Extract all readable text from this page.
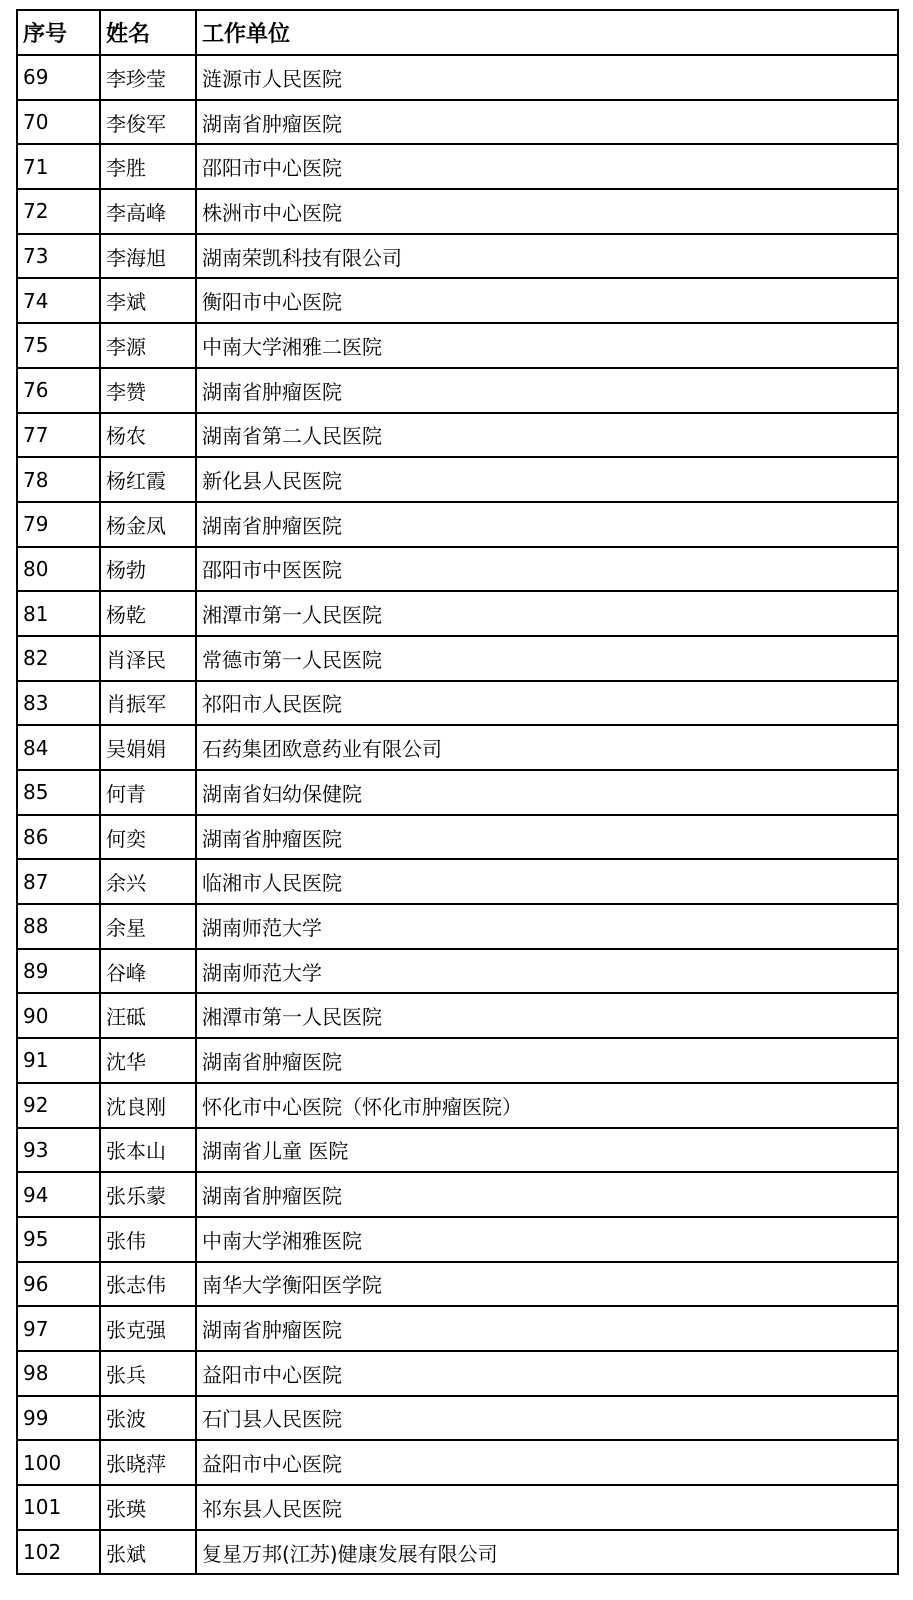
序号	姓名	工作单位
69	李珍莹	涟源市人民医院
70	李俊军	湖南省肿瘤医院
71	李胜	邵阳市中心医院
72	李高峰	株洲市中心医院
73	李海旭	湖南荣凯科技有限公司
74	李斌	衡阳市中心医院
75	李源	中南大学湘雅二医院
76	李赞	湖南省肿瘤医院
77	杨农	湖南省第二人民医院
78	杨红霞	新化县人民医院
79	杨金凤	湖南省肿瘤医院
80	杨勃	邵阳市中医医院
81	杨乾	湘潭市第一人民医院
82	肖泽民	常德市第一人民医院
83	肖振军	祁阳市人民医院
84	吴娟娟	石药集团欧意药业有限公司
85	何青	湖南省妇幼保健院
86	何奕	湖南省肿瘤医院
87	余兴	临湘市人民医院
88	余星	湖南师范大学
89	谷峰	湖南师范大学
90	汪砥	湘潭市第一人民医院
91	沈华	湖南省肿瘤医院
92	沈良刚	怀化市中心医院（怀化市肿瘤医院）
93	张本山	湖南省儿童 医院
94	张乐蒙	湖南省肿瘤医院
95	张伟	中南大学湘雅医院
96	张志伟	南华大学衡阳医学院
97	张克强	湖南省肿瘤医院
98	张兵	益阳市中心医院
99	张波	石门县人民医院
100	张晓萍	益阳市中心医院
101	张瑛	祁东县人民医院
102	张斌	复星万邦(江苏)健康发展有限公司
